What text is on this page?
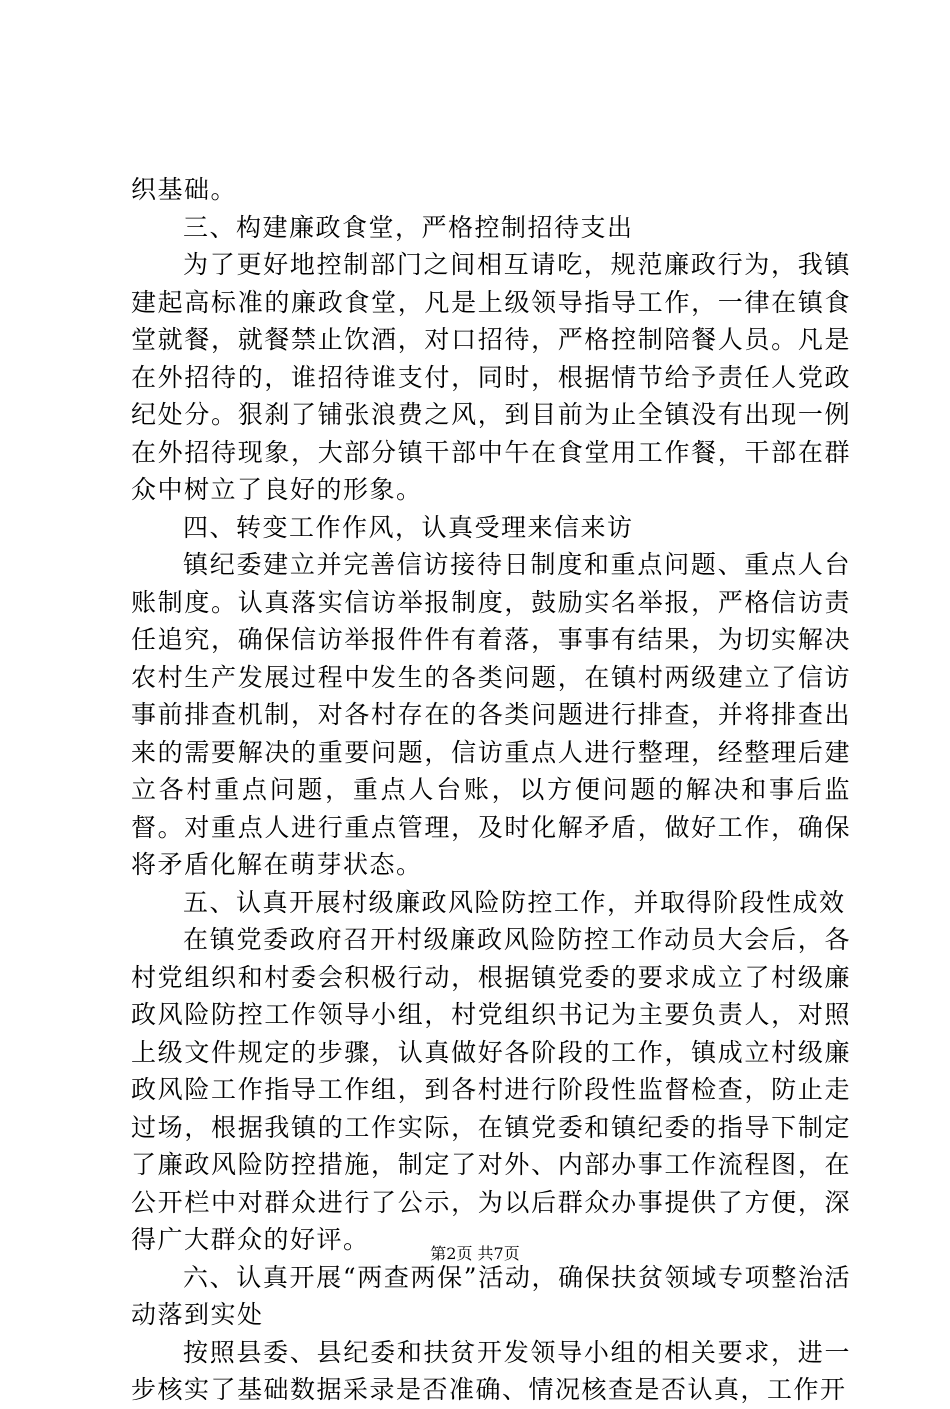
织基础。

三、构建廉政食堂，严格控制招待支出

为了更好地控制部门之间相互请吃，规范廉政行为，我镇建起高标准的廉政食堂，凡是上级领导指导工作，一律在镇食堂就餐，就餐禁止饮酒，对口招待，严格控制陪餐人员。凡是在外招待的，谁招待谁支付，同时，根据情节给予责任人党政纪处分。狠刹了铺张浪费之风，到目前为止全镇没有出现一例在外招待现象，大部分镇干部中午在食堂用工作餐，干部在群众中树立了良好的形象。

四、转变工作作风，认真受理来信来访

镇纪委建立并完善信访接待日制度和重点问题、重点人台账制度。认真落实信访举报制度，鼓励实名举报，严格信访责任追究，确保信访举报件件有着落，事事有结果，为切实解决农村生产发展过程中发生的各类问题，在镇村两级建立了信访事前排查机制，对各村存在的各类问题进行排查，并将排查出来的需要解决的重要问题，信访重点人进行整理，经整理后建立各村重点问题，重点人台账，以方便问题的解决和事后监督。对重点人进行重点管理，及时化解矛盾，做好工作，确保将矛盾化解在萌芽状态。

五、认真开展村级廉政风险防控工作，并取得阶段性成效

在镇党委政府召开村级廉政风险防控工作动员大会后，各村党组织和村委会积极行动，根据镇党委的要求成立了村级廉政风险防控工作领导小组，村党组织书记为主要负责人，对照上级文件规定的步骤，认真做好各阶段的工作，镇成立村级廉政风险工作指导工作组，到各村进行阶段性监督检查，防止走过场，根据我镇的工作实际，在镇党委和镇纪委的指导下制定了廉政风险防控措施，制定了对外、内部办事工作流程图，在公开栏中对群众进行了公示，为以后群众办事提供了方便，深得广大群众的好评。

六、认真开展“两查两保”活动，确保扶贫领域专项整治活动落到实处

按照县委、县纪委和扶贫开发领导小组的相关要求，进一步核实了基础数据采录是否准确、情况核查是否认真，工作开

第2页 共7页
